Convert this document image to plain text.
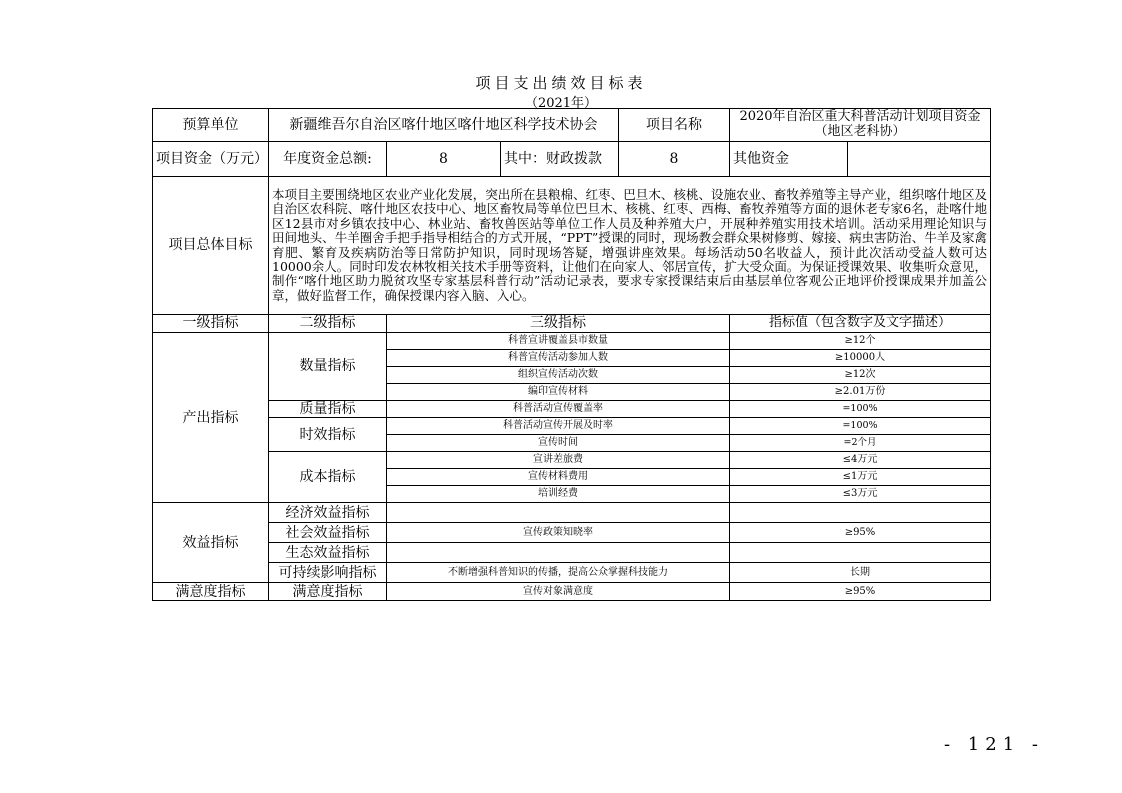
项目支出绩效目标表
（2021年）
预算单位	新疆维吾尔自治区喀什地区喀什地区科学技术协会			项目名称	2020年自治区重大科普活动计划项目资金（地区老科协）	
项目资金（万元）	年度资金总额:	8	其中：财政拨款	8	其他资金	
项目总体目标	本项目主要围绕地区农业产业化发展，突出所在县粮棉、红枣、巴旦木、核桃、设施农业、畜牧养殖等主导产业，组织喀什地区及自治区农科院、喀什地区农技中心、地区畜牧局等单位巴旦木、核桃、红枣、西梅、畜牧养殖等方面的退休老专家6名，赴喀什地区12县市对乡镇农技中心、林业站、畜牧兽医站等单位工作人员及种养殖大户，开展种养殖实用技术培训。活动采用理论知识与田间地头、牛羊圈舍手把手指导相结合的方式开展，“PPT”授课的同时，现场教会群众果树修剪、嫁接、病虫害防治、牛羊及家禽育肥、繁育及疾病防治等日常防护知识，同时现场答疑，增强讲座效果。每场活动50名收益人，预计此次活动受益人数可达10000余人。同时印发农林牧相关技术手册等资料，让他们在向家人、邻居宣传，扩大受众面。为保证授课效果、收集听众意见，制作“喀什地区助力脱贫攻坚专家基层科普行动”活动记录表，要求专家授课结束后由基层单位客观公正地评价授课成果并加盖公章，做好监督工作，确保授课内容入脑、入心。					
一级指标	二级指标	三级指标			指标值（包含数字及文字描述）	
产出指标	数量指标	科普宣讲覆盖县市数量			≥12个	
		科普宣传活动参加人数			≥10000人	
		组织宣传活动次数			≥12次	
		编印宣传材料			≥2.01万份	
	质量指标	科普活动宣传覆盖率			=100%	
	时效指标	科普活动宣传开展及时率			=100%	
		宣传时间			=2个月	
	成本指标	宣讲差旅费			≤4万元	
		宣传材料费用			≤1万元	
		培训经费			≤3万元	
效益指标	经济效益指标					
	社会效益指标	宣传政策知晓率			≥95%	
	生态效益指标					
	可持续影响指标	不断增强科普知识的传播，提高公众掌握科技能力			长期	
满意度指标	满意度指标	宣传对象满意度			≥95%	
- 121 -
